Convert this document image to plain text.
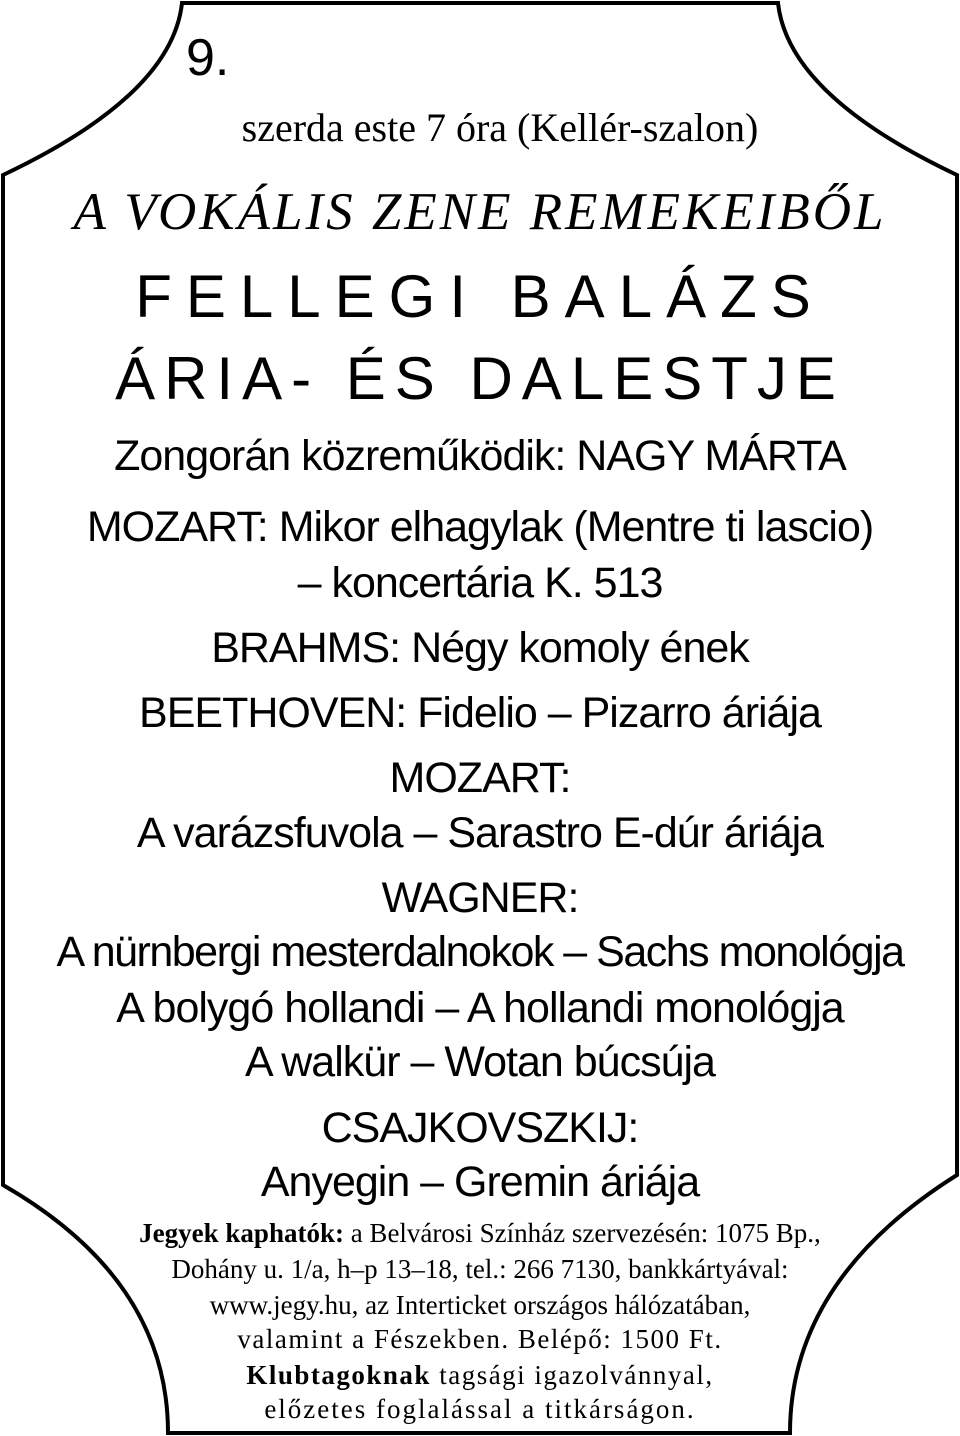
9.
szerda este 7 óra (Kellér-szalon)
A VOKÁLIS ZENE REMEKEIBŐL
FELLEGI BALÁZS
ÁRIA- ÉS DALESTJE
Zongorán közreműködik: NAGY MÁRTA
MOZART: Mikor elhagylak (Mentre ti lascio)
– koncertária K. 513
BRAHMS: Négy komoly ének
BEETHOVEN: Fidelio – Pizarro áriája
MOZART:
A varázsfuvola – Sarastro E-dúr áriája
WAGNER:
A nürnbergi mesterdalnokok – Sachs monológja
A bolygó hollandi – A hollandi monológja
A walkür – Wotan búcsúja
CSAJKOVSZKIJ:
Anyegin – Gremin áriája
Jegyek kaphatók: a Belvárosi Színház szervezésén: 1075 Bp.,
Dohány u. 1/a, h–p 13–18, tel.: 266 7130, bankkártyával:
www.jegy.hu, az Interticket országos hálózatában,
valamint a Fészekben. Belépő: 1500 Ft.
Klubtagoknak tagsági igazolvánnyal,
előzetes foglalással a titkárságon.
